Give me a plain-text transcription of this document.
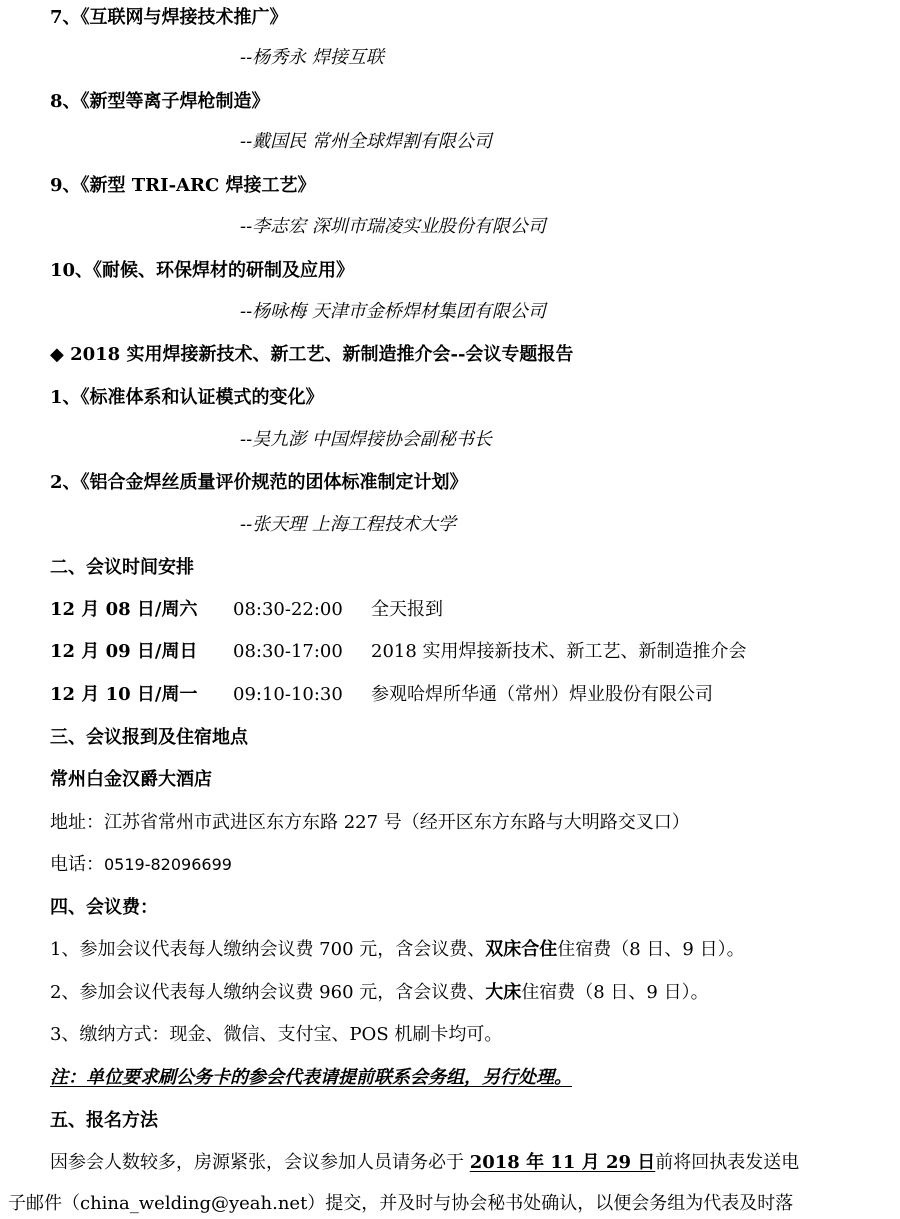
7、《互联网与焊接技术推广》
--杨秀永 焊接互联
8、《新型等离子焊枪制造》
--戴国民 常州全球焊割有限公司
9、《新型 TRI-ARC 焊接工艺》
--李志宏 深圳市瑞凌实业股份有限公司
10、《耐候、环保焊材的研制及应用》
--杨咏梅 天津市金桥焊材集团有限公司
◆ 2018 实用焊接新技术、新工艺、新制造推介会--会议专题报告
1、《标准体系和认证模式的变化》
--吴九澎 中国焊接协会副秘书长
2、《铝合金焊丝质量评价规范的团体标准制定计划》
--张天理 上海工程技术大学
二、会议时间安排
12 月 08 日/周六 08:30-22:00 全天报到
12 月 09 日/周日 08:30-17:00 2018 实用焊接新技术、新工艺、新制造推介会
12 月 10 日/周一 09:10-10:30 参观哈焊所华通（常州）焊业股份有限公司
三、会议报到及住宿地点
常州白金汉爵大酒店
地址：江苏省常州市武进区东方东路 227 号（经开区东方东路与大明路交叉口）
电话：0519-82096699
四、会议费：
1、参加会议代表每人缴纳会议费 700 元，含会议费、双床合住住宿费（8 日、9 日）。
2、参加会议代表每人缴纳会议费 960 元，含会议费、大床住宿费（8 日、9 日）。
3、缴纳方式：现金、微信、支付宝、POS 机刷卡均可。
注：单位要求刷公务卡的参会代表请提前联系会务组，另行处理。
五、报名方法
因参会人数较多，房源紧张，会议参加人员请务必于 2018 年 11 月 29 日前将回执表发送电
子邮件（china_welding@yeah.net）提交，并及时与协会秘书处确认，以便会务组为代表及时落
